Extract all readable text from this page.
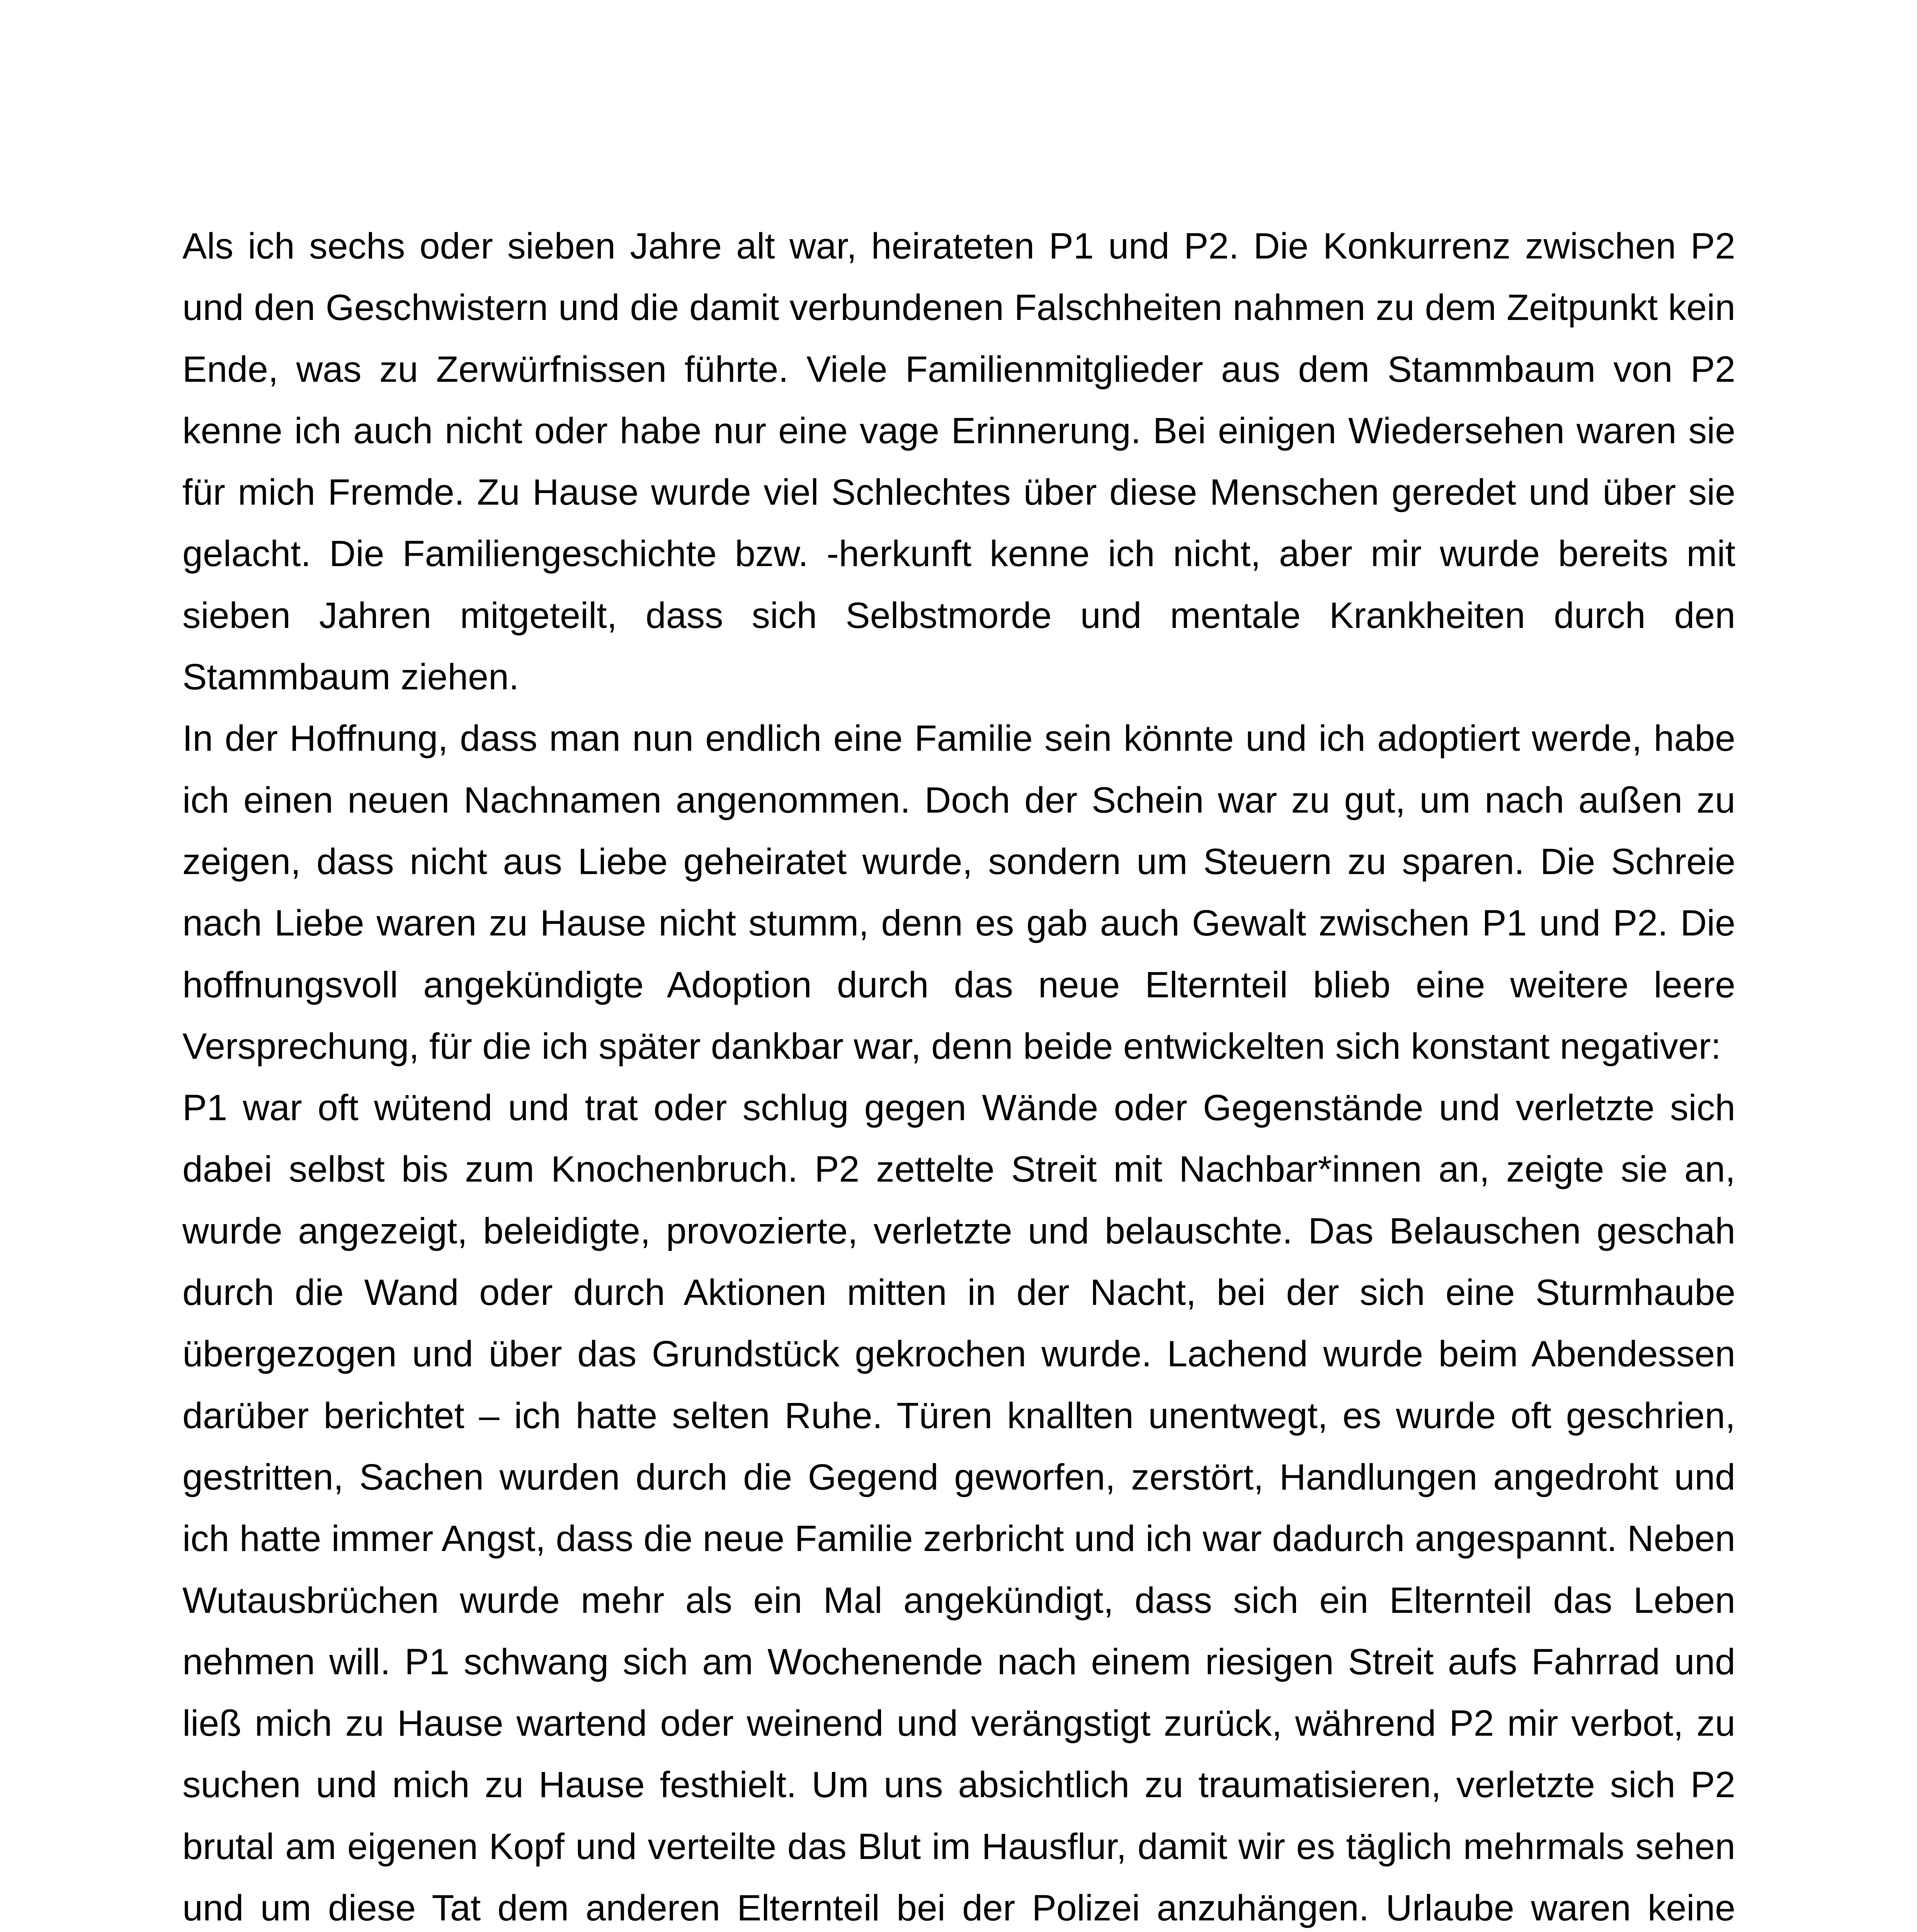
Als ich sechs oder sieben Jahre alt war, heirateten P1 und P2. Die Konkurrenz zwischen P2 und den Geschwistern und die damit verbundenen Falschheiten nahmen zu dem Zeitpunkt kein Ende, was zu Zerwürfnissen führte. Viele Familienmitglieder aus dem Stammbaum von P2 kenne ich auch nicht oder habe nur eine vage Erinnerung. Bei einigen Wiedersehen waren sie für mich Fremde. Zu Hause wurde viel Schlechtes über diese Menschen geredet und über sie gelacht. Die Familiengeschichte bzw. -herkunft kenne ich nicht, aber mir wurde bereits mit sieben Jahren mitgeteilt, dass sich Selbstmorde und mentale Krankheiten durch den Stammbaum ziehen.

In der Hoffnung, dass man nun endlich eine Familie sein könnte und ich adoptiert werde, habe ich einen neuen Nachnamen angenommen. Doch der Schein war zu gut, um nach außen zu zeigen, dass nicht aus Liebe geheiratet wurde, sondern um Steuern zu sparen. Die Schreie nach Liebe waren zu Hause nicht stumm, denn es gab auch Gewalt zwischen P1 und P2. Die hoffnungsvoll angekündigte Adoption durch das neue Elternteil blieb eine weitere leere Versprechung, für die ich später dankbar war, denn beide entwickelten sich konstant negativer:

P1 war oft wütend und trat oder schlug gegen Wände oder Gegenstände und verletzte sich dabei selbst bis zum Knochenbruch. P2 zettelte Streit mit Nachbar*innen an, zeigte sie an, wurde angezeigt, beleidigte, provozierte, verletzte und belauschte. Das Belauschen geschah durch die Wand oder durch Aktionen mitten in der Nacht, bei der sich eine Sturmhaube übergezogen und über das Grundstück gekrochen wurde. Lachend wurde beim Abendessen darüber berichtet – ich hatte selten Ruhe. Türen knallten unentwegt, es wurde oft geschrien, gestritten, Sachen wurden durch die Gegend geworfen, zerstört, Handlungen angedroht und ich hatte immer Angst, dass die neue Familie zerbricht und ich war dadurch angespannt. Neben Wutausbrüchen wurde mehr als ein Mal angekündigt, dass sich ein Elternteil das Leben nehmen will. P1 schwang sich am Wochenende nach einem riesigen Streit aufs Fahrrad und ließ mich zu Hause wartend oder weinend und verängstigt zurück, während P2 mir verbot, zu suchen und mich zu Hause festhielt. Um uns absichtlich zu traumatisieren, verletzte sich P2 brutal am eigenen Kopf und verteilte das Blut im Hausflur, damit wir es täglich mehrmals sehen und um diese Tat dem anderen Elternteil bei der Polizei anzuhängen. Urlaube waren keine
